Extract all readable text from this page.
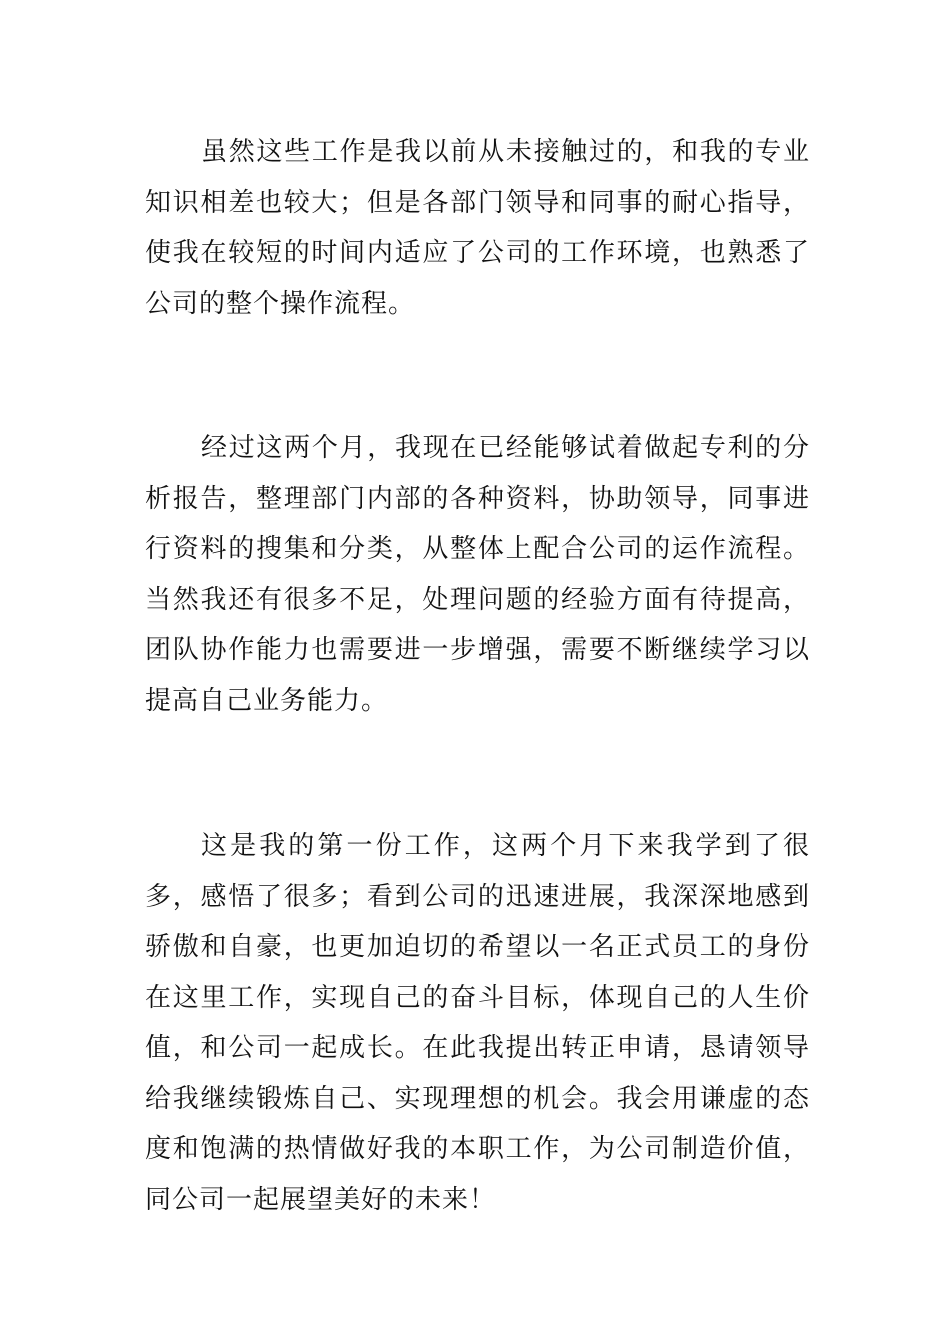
虽然这些工作是我以前从未接触过的，和我的专业知识相差也较大；但是各部门领导和同事的耐心指导，使我在较短的时间内适应了公司的工作环境，也熟悉了公司的整个操作流程。

经过这两个月，我现在已经能够试着做起专利的分析报告，整理部门内部的各种资料，协助领导，同事进行资料的搜集和分类，从整体上配合公司的运作流程。当然我还有很多不足，处理问题的经验方面有待提高，团队协作能力也需要进一步增强，需要不断继续学习以提高自己业务能力。

这是我的第一份工作，这两个月下来我学到了很多，感悟了很多；看到公司的迅速进展，我深深地感到骄傲和自豪，也更加迫切的希望以一名正式员工的身份在这里工作，实现自己的奋斗目标，体现自己的人生价值，和公司一起成长。在此我提出转正申请，恳请领导给我继续锻炼自己、实现理想的机会。我会用谦虚的态度和饱满的热情做好我的本职工作，为公司制造价值，同公司一起展望美好的未来！
